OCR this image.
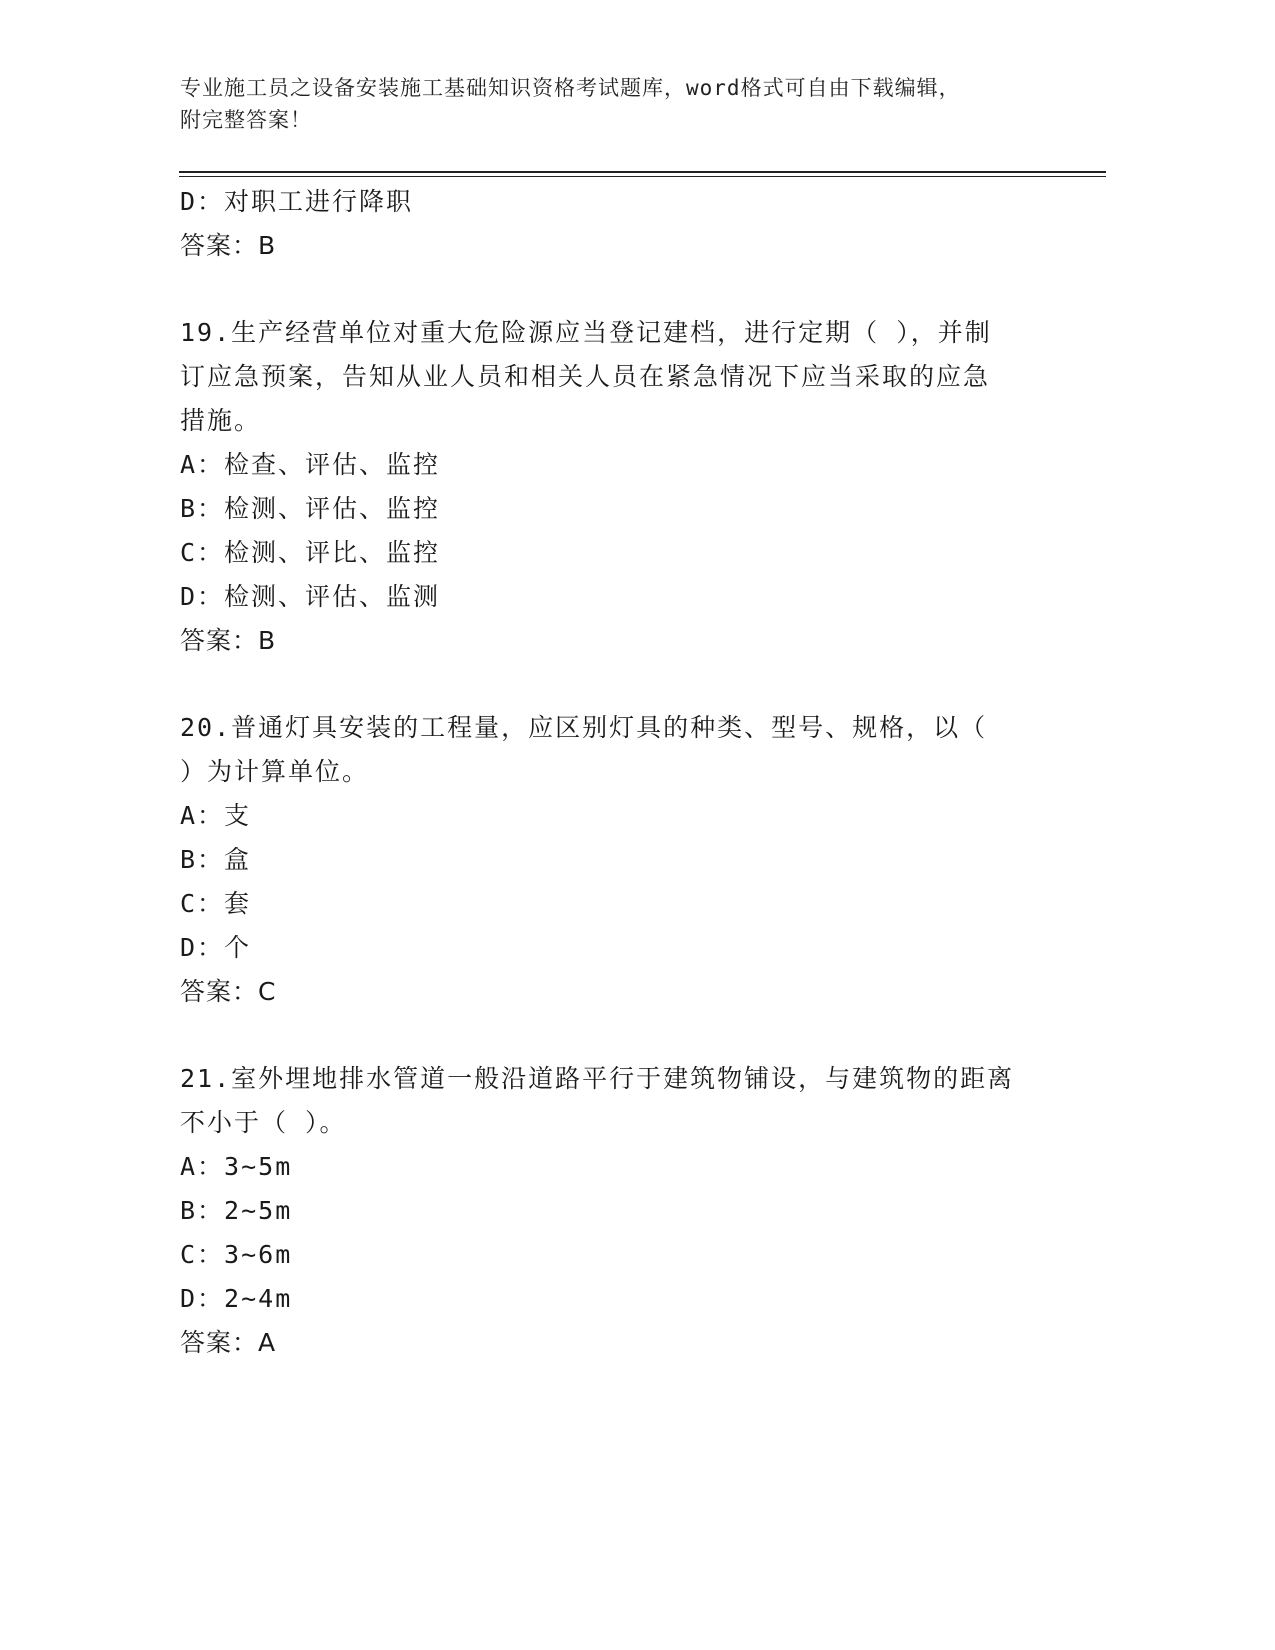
专业施工员之设备安装施工基础知识资格考试题库，word格式可自由下载编辑，
附完整答案！
D：对职工进行降职
答案：B
19.生产经营单位对重大危险源应当登记建档，进行定期（ ），并制
订应急预案，告知从业人员和相关人员在紧急情况下应当采取的应急
措施。
A：检查、评估、监控
B：检测、评估、监控
C：检测、评比、监控
D：检测、评估、监测
答案：B
20.普通灯具安装的工程量，应区别灯具的种类、型号、规格，以（
）为计算单位。
A：支
B：盒
C：套
D：个
答案：C
21.室外埋地排水管道一般沿道路平行于建筑物铺设，与建筑物的距离
不小于（ ）。
A：3~5m
B：2~5m
C：3~6m
D：2~4m
答案：A
